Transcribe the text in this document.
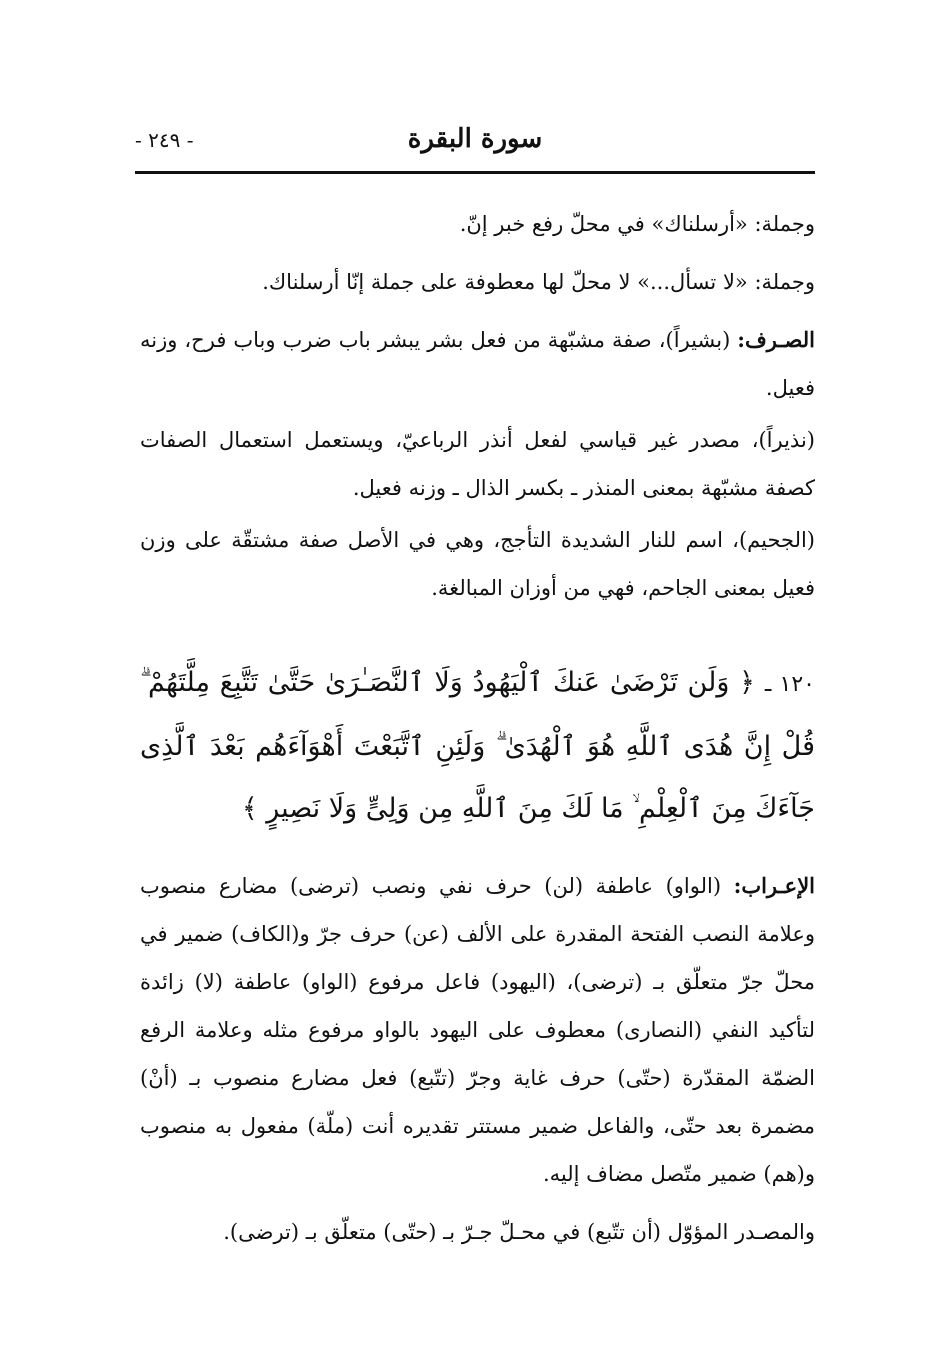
سورة البقرة
- ٢٤٩ -

وجملة: «أرسلناك» في محلّ رفع خبر إنّ.

وجملة: «لا تسأل...» لا محلّ لها معطوفة على جملة إنّا أرسلناك.

الصـرف: (بشيراً)، صفة مشبّهة من فعل بشر يبشر باب ضرب وباب فرح، وزنه فعيل.

(نذيراً)، مصدر غير قياسي لفعل أنذر الرباعيّ، ويستعمل استعمال الصفات كصفة مشبّهة بمعنى المنذر ـ بكسر الذال ـ وزنه فعيل.

(الجحيم)، اسم للنار الشديدة التأجج، وهي في الأصل صفة مشتقّة على وزن فعيل بمعنى الجاحم، فهي من أوزان المبالغة.

١٢٠ ـ ﴿ وَلَن تَرْضَىٰ عَنكَ ٱلْيَهُودُ وَلَا ٱلنَّصَـٰرَىٰ حَتَّىٰ تَتَّبِعَ مِلَّتَهُمْ ۗ قُلْ إِنَّ هُدَى ٱللَّهِ هُوَ ٱلْهُدَىٰ ۗ وَلَئِنِ ٱتَّبَعْتَ أَهْوَآءَهُم بَعْدَ ٱلَّذِى جَآءَكَ مِنَ ٱلْعِلْمِ ۙ مَا لَكَ مِنَ ٱللَّهِ مِن وَلِىٍّ وَلَا نَصِيرٍ ﴾

الإعـراب: (الواو) عاطفة (لن) حرف نفي ونصب (ترضى) مضارع منصوب وعلامة النصب الفتحة المقدرة على الألف (عن) حرف جرّ و(الكاف) ضمير في محلّ جرّ متعلّق بـ (ترضى)، (اليهود) فاعل مرفوع (الواو) عاطفة (لا) زائدة لتأكيد النفي (النصارى) معطوف على اليهود بالواو مرفوع مثله وعلامة الرفع الضمّة المقدّرة (حتّى) حرف غاية وجرّ (تتّبع) فعل مضارع منصوب بـ (أنْ) مضمرة بعد حتّى، والفاعل ضمير مستتر تقديره أنت (ملّة) مفعول به منصوب و(هم) ضمير متّصل مضاف إليه.

والمصـدر المؤوّل (أن تتّبع) في محـلّ جـرّ بـ (حتّى) متعلّق بـ (ترضى).
